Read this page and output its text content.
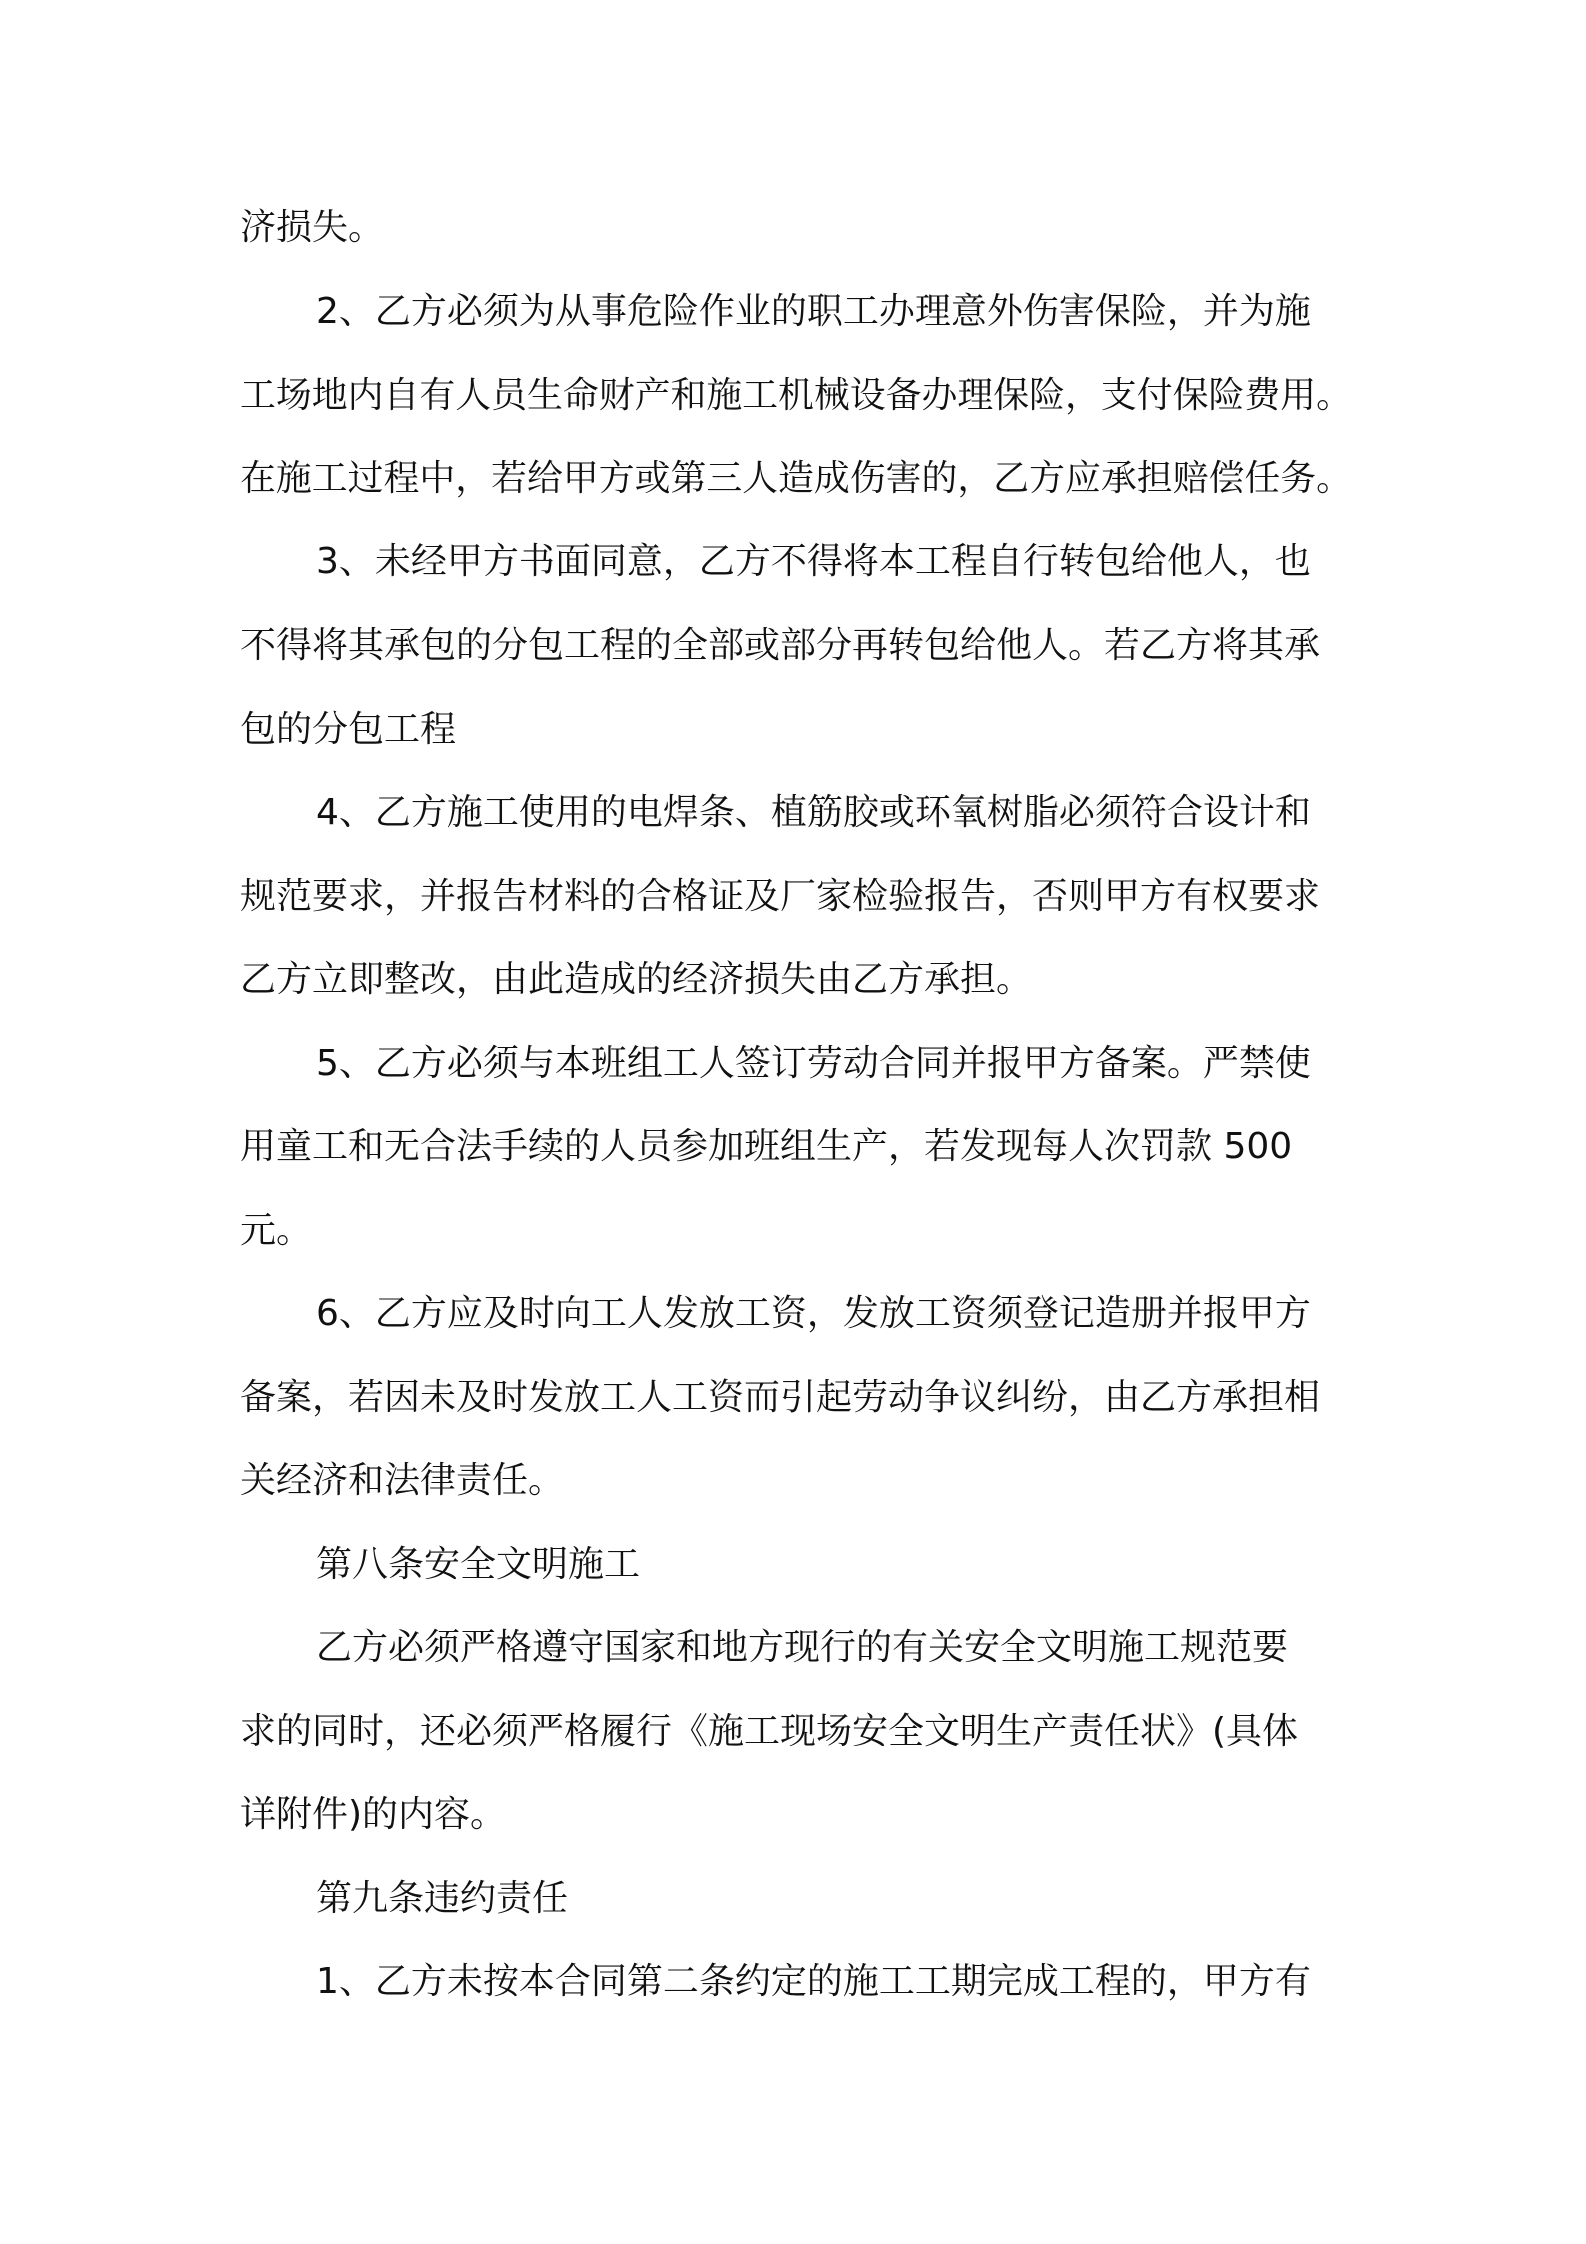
济损失。
2、乙方必须为从事危险作业的职工办理意外伤害保险，并为施
工场地内自有人员生命财产和施工机械设备办理保险，支付保险费用。
在施工过程中，若给甲方或第三人造成伤害的，乙方应承担赔偿任务。
3、未经甲方书面同意，乙方不得将本工程自行转包给他人，也
不得将其承包的分包工程的全部或部分再转包给他人。若乙方将其承
包的分包工程
4、乙方施工使用的电焊条、植筋胶或环氧树脂必须符合设计和
规范要求，并报告材料的合格证及厂家检验报告，否则甲方有权要求
乙方立即整改，由此造成的经济损失由乙方承担。
5、乙方必须与本班组工人签订劳动合同并报甲方备案。严禁使
用童工和无合法手续的人员参加班组生产，若发现每人次罚款 500
元。
6、乙方应及时向工人发放工资，发放工资须登记造册并报甲方
备案，若因未及时发放工人工资而引起劳动争议纠纷，由乙方承担相
关经济和法律责任。
第八条安全文明施工
乙方必须严格遵守国家和地方现行的有关安全文明施工规范要
求的同时，还必须严格履行《施工现场安全文明生产责任状》(具体
详附件)的内容。
第九条违约责任
1、乙方未按本合同第二条约定的施工工期完成工程的，甲方有
